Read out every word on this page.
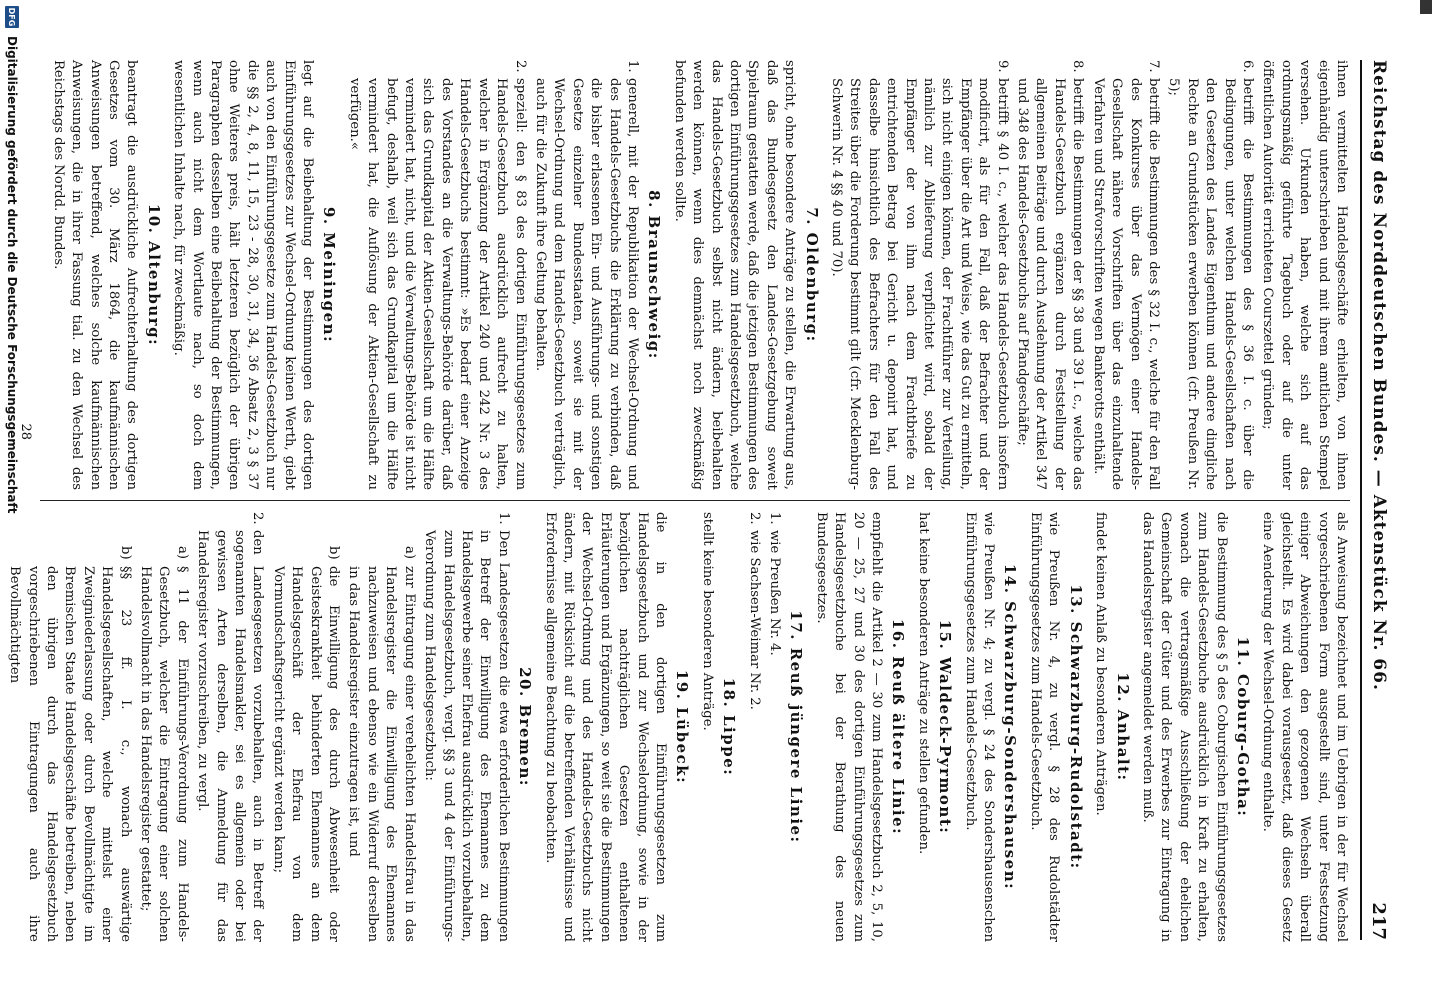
Reichstag des Norddeutschen Bundes. — Aktenstück Nr. 66.
217

ihnen vermittelten Handelsgeschäfte erhielten, von ihnen eigenhändig unterschrieben und mit ihrem amtlichen Stempel versehen. Urkunden haben, welche sich auf das ordnungsmäßig geführte Tagebuch oder auf die unter öffentlichen Autorität errichteten Courszettel gründen;

6.
betrifft die Bestimmungen des § 36 I. c. über die Bedingungen, unter welchen Handels-Gesellschaften nach den Gesetzen des Landes Eigenthum und andere dingliche Rechte an Grundstücken erwerben können (cfr. Preußen Nr. 5);

7.
betrifft die Bestimmungen des § 32 I. c., welche für den Fall des Konkurses über das Vermögen einer Handels-Gesellschaft nähere Vorschriften über das einzuhaltende Verfahren und Strafvorschriften wegen Bankerotts enthält.

8.
betrifft die Bestimmungen der §§ 38 und 39 I. c., welche das Handels-Gesetzbuch ergänzen durch Feststellung der allgemeinen Beiträge und durch Ausdehnung der Artikel 347 und 348 des Handels-Gesetzbuchs auf Pfandgeschäfte;

9.
betrifft § 40 I. c., welcher das Handels-Gesetzbuch insofern modificirt, als für den Fall, daß der Befrachter und der Empfänger über die Art und Weise, wie das Gut zu ermitteln, sich nicht einigen können, der Frachtführer zur Verteilung, nämlich zur Ablieferung verpflichtet wird, sobald der Empfänger der von ihm nach dem Frachtbriefe zu entrichtenden Betrag bei Gericht u. deponirt hat, und dasselbe hinsichtlich des Befrachters für den Fall des Streites über die Forderung bestimmt gilt (cfr. Mecklenburg-Schwerin Nr. 4 §§ 40 und 70).

7. Oldenburg:

spricht, ohne besondere Anträge zu stellen, die Erwartung aus, daß das Bundesgesetz den Landes-Gesetzgebung soweit Spielraum gestatten werde, daß die jetzigen Bestimmungen des dortigen Einführungsgesetzes zum Handelsgesetzbuch, welche das Handels-Gesetzbuch selbst nicht ändern, beibehalten werden können, wenn dies demnächst noch zweckmäßig befunden werden sollte.

8. Braunschweig:

1.
generell, mit der Republikation der Wechsel-Ordnung und des Handels-Gesetzbuchs die Erklärung zu verbinden, daß die bisher erlassenen Ein- und Ausführungs- und sonstigen Gesetze einzelner Bundesstaaten, soweit sie mit der Wechsel-Ordnung und dem Handels-Gesetzbuch verträglich, auch für die Zukunft ihre Geltung behalten.

2.
speziell: den § 83 des dortigen Einführungsgesetzes zum Handels-Gesetzbuch ausdrücklich aufrecht zu halten, welcher in Ergänzung der Artikel 240 und 242 Nr. 3 des Handels-Gesetzbuchs bestimmt: »Es bedarf einer Anzeige des Vorstandes an die Verwaltungs-Behörde darüber, daß sich das Grundkapital der Aktien-Gesellschaft um die Hälfte vermindert hat, nicht, und die Verwaltungs-Behörde ist nicht befugt, deshalb, weil sich das Grundkapital um die Hälfte vermindert hat, die Auflösung der Aktien-Gesellschaft zu verfügen.«

9. Meiningen:

legt auf die Beibehaltung der Bestimmungen des dortigen Einführungsgesetzes zur Wechsel-Ordnung keinen Werth, giebt auch von den Einführungsgesetze zum Handels-Gesetzbuch nur die §§ 2, 4, 8, 11, 15, 23 - 28, 30, 31, 34, 36 Absatz 2, 3 § 37 ohne Weiteres preis, hält letzteren bezüglich der übrigen Paragraphen desselben eine Beibehaltung der Bestimmungen, wenn auch nicht dem Wortlaute nach, so doch dem wesentlichen Inhalte nach, für zweckmäßig.

10. Altenburg:

beantragt die ausdrückliche Aufrechterhaltung des dortigen Gesetzes vom 30. März 1864, die kaufmännischen Anweisungen betreffend, welches solche kaufmännischen Anweisungen, die in ihrer Fassung tial. zu den Wechsel des Reichstags des Nordd. Bundes.

als Anweisung bezeichnet und im Uebrigen in der für Wechsel vorgeschriebenen Form ausgestellt sind, unter Festsetzung einiger Abweichungen den gezogenen Wechseln überall gleichstellt. Es wird dabei vorausgesetzt, daß dieses Gesetz eine Aenderung der Wechsel-Ordnung enthalte.

11. Coburg-Gotha:

die Bestimmung des § 5 des Coburgischen Einführungsgesetzes zum Handels-Gesetzbuche ausdrücklich in Kraft zu erhalten, wonach die vertragsmäßige Ausschließung der ehelichen Gemeinschaft der Güter und des Erwerbes zur Eintragung in das Handelsregister angemeldet werden muß.

12. Anhalt:

findet keinen Anlaß zu besonderen Anträgen.

13. Schwarzburg-Rudolstadt:

wie Preußen Nr. 4, zu vergl. § 28 des Rudolstädter Einführungsgesetzes zum Handels-Gesetzbuch.

14. Schwarzburg-Sondershausen:

wie Preußen Nr. 4; zu vergl. § 24 des Sondershausenschen Einführungsgesetzes zum Handels-Gesetzbuch.

15. Waldeck-Pyrmont:

hat keine besonderen Anträge zu stellen gefunden.

16. Reuß ältere Linie:

empfiehlt die Artikel 2 — 30 zum Handelsgesetzbuch 2, 5, 10, 20 — 25, 27 und 30 des dortigen Einführungsgesetzes zum Handelsgesetzbuche bei der Berathung des neuen Bundesgesetzes.

17. Reuß jüngere Linie:

1.
wie Preußen Nr. 4.

2.
wie Sachsen-Weimar Nr. 2.

18. Lippe:

stellt keine besonderen Anträge.

19. Lübeck:

die in den dortigen Einführungsgesetzen zum Handelsgesetzbuch und zur Wechselordnung, sowie in der bezüglichen nachträglichen Gesetzen enthaltenen Erläuterungen und Ergänzungen, so weit sie die Bestimmungen der Wechsel-Ordnung und des Handels-Gesetzbuchs nicht ändern, mit Rücksicht auf die betreffenden Verhältnisse und Erfordernisse allgemeine Beachtung zu beobachten.

20. Bremen:

1.
Den Landesgesetzen die etwa erforderlichen Bestimmungen in Betreff der Einwilligung des Ehemannes zu dem Handelsgewerbe seiner Ehefrau ausdrücklich vorzubehalten, zum Handelsgesetzbuch, vergl. §§ 3 und 4 der Einführungs-Verordnung zum Handelsgesetzbuch:

a)
zur Eintragung einer verehelichten Handelsfrau in das Handelsregister die Einwilligung des Ehemannes nachzuweisen und ebenso wie ein Widerruf derselben in das Handelsregister einzutragen ist, und

b)
die Einwilligung des durch Abwesenheit oder Geisteskrankheit behinderten Ehemannes an dem Handelsgeschäft der Ehefrau von dem Vormundschaftsgericht ergänzt werden kann;

2.
den Landesgesetzen vorzubehalten, auch in Betreff der sogenannten Handelsmakler, sei es allgemein oder bei gewissen Arten derselben, die Anmeldung für das Handelsregister vorzuschreiben, zu vergl.

a)
§ 11 der Einführungs-Verordnung zum Handels-Gesetzbuch, welcher die Eintragung einer solchen Handelsvollmacht in das Handelsregister gestattet;

b)
§§ 23 ff. I. c., wonach auswärtige Handelsgesellschaften, welche mittelst einer Zweigniederlassung oder durch Bevollmächtigte im Bremischen Staate Handelsgeschäfte betreiben, neben den übrigen durch das Handelsgesetzbuch vorgeschriebenen Eintragungen auch ihre Bevollmächtigten

28
DFG
Digitalisierung gefördert durch die Deutsche Forschungsgemeinschaft
